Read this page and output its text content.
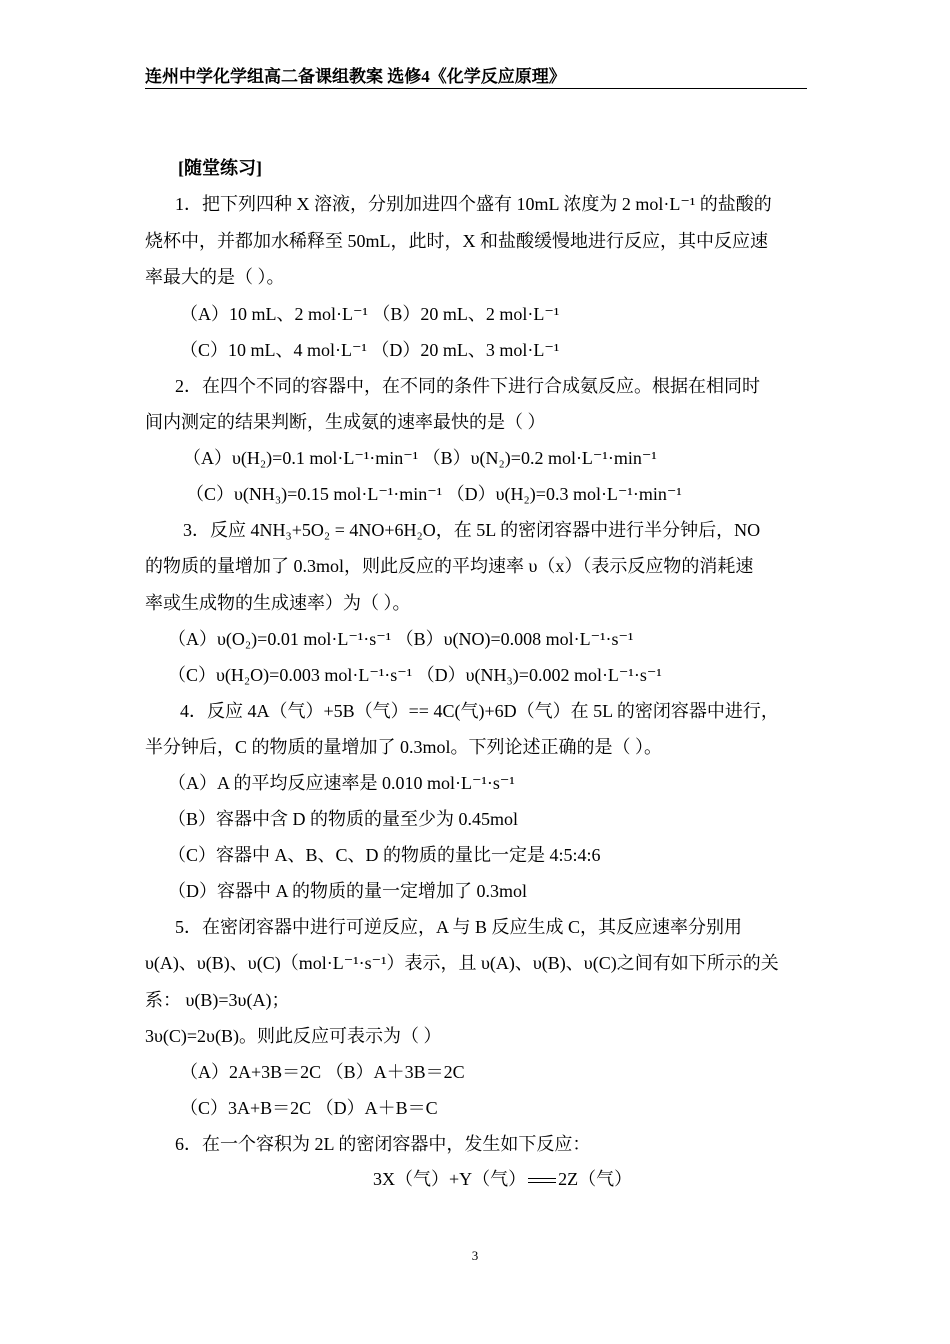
连州中学化学组高二备课组教案 选修4《化学反应原理》
[随堂练习]
1．把下列四种 X 溶液，分别加进四个盛有 10mL 浓度为 2 mol·L⁻¹ 的盐酸的
烧杯中，并都加水稀释至 50mL，此时，X 和盐酸缓慢地进行反应，其中反应速
率最大的是（ ）。
（A）10 mL、2 mol·L⁻¹ （B）20 mL、2 mol·L⁻¹
（C）10 mL、4 mol·L⁻¹ （D）20 mL、3 mol·L⁻¹
2．在四个不同的容器中，在不同的条件下进行合成氨反应。根据在相同时
间内测定的结果判断，生成氨的速率最快的是（ ）
（A）υ(H₂)=0.1 mol·L⁻¹·min⁻¹ （B）υ(N₂)=0.2 mol·L⁻¹·min⁻¹
（C）υ(NH₃)=0.15 mol·L⁻¹·min⁻¹ （D）υ(H₂)=0.3 mol·L⁻¹·min⁻¹
3．反应 4NH₃+5O₂ = 4NO+6H₂O，在 5L 的密闭容器中进行半分钟后，NO
的物质的量增加了 0.3mol，则此反应的平均速率 υ（x）（表示反应物的消耗速
率或生成物的生成速率）为（ ）。
（A）υ(O₂)=0.01 mol·L⁻¹·s⁻¹ （B）υ(NO)=0.008 mol·L⁻¹·s⁻¹
（C）υ(H₂O)=0.003 mol·L⁻¹·s⁻¹ （D）υ(NH₃)=0.002 mol·L⁻¹·s⁻¹
4．反应 4A（气）+5B（气）== 4C(气)+6D（气）在 5L 的密闭容器中进行，
半分钟后，C 的物质的量增加了 0.3mol。下列论述正确的是（ ）。
（A）A 的平均反应速率是 0.010 mol·L⁻¹·s⁻¹
（B）容器中含 D 的物质的量至少为 0.45mol
（C）容器中 A、B、C、D 的物质的量比一定是 4:5:4:6
（D）容器中 A 的物质的量一定增加了 0.3mol
5．在密闭容器中进行可逆反应，A 与 B 反应生成 C，其反应速率分别用
υ(A)、υ(B)、υ(C)（mol·L⁻¹·s⁻¹）表示，且 υ(A)、υ(B)、υ(C)之间有如下所示的关
系： υ(B)=3υ(A)；
3υ(C)=2υ(B)。则此反应可表示为（ ）
（A）2A+3B＝2C （B）A＋3B＝2C
（C）3A+B＝2C （D）A＋B＝C
6．在一个容积为 2L 的密闭容器中，发生如下反应：
3X（气）+Y（气） 2Z（气）
3
